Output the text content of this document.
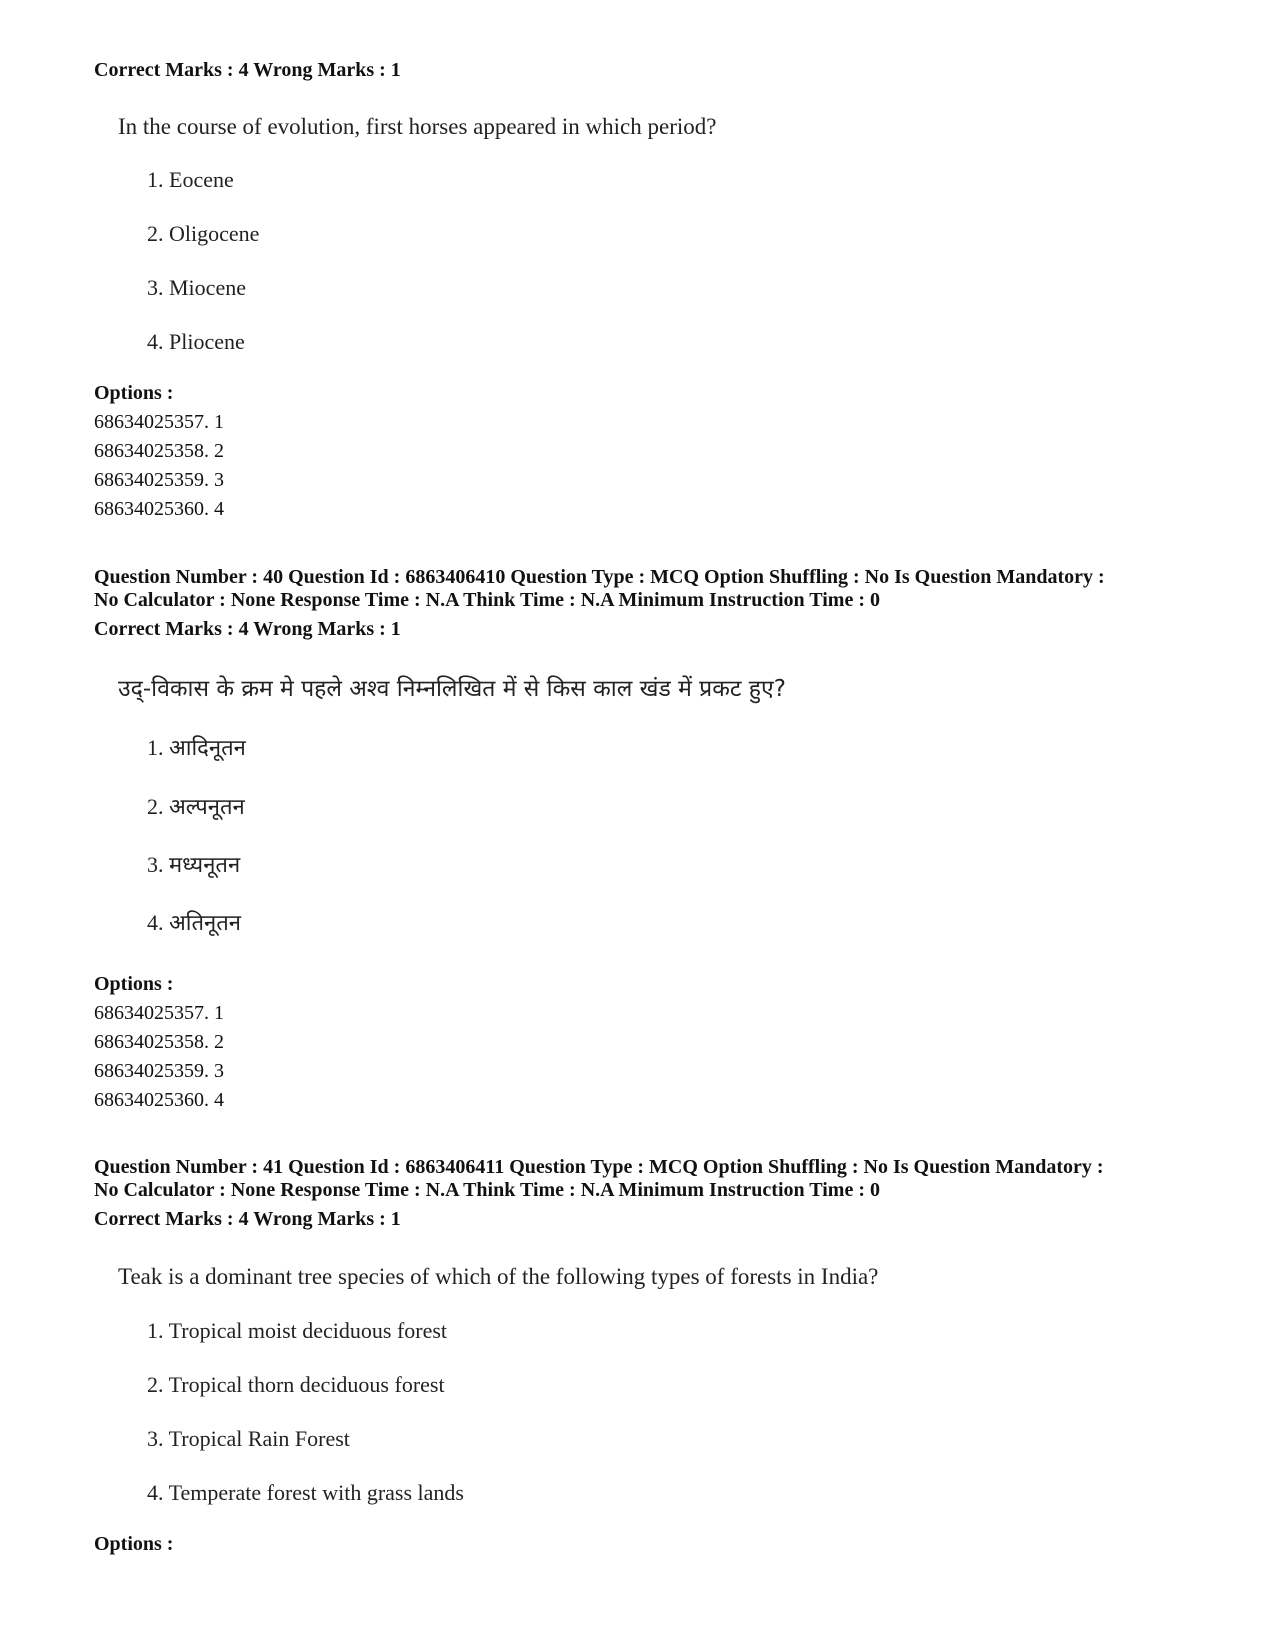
Correct Marks : 4 Wrong Marks : 1
In the course of evolution, first horses appeared in which period?
1. Eocene
2. Oligocene
3. Miocene
4. Pliocene
Options :
68634025357. 1
68634025358. 2
68634025359. 3
68634025360. 4
Question Number : 40 Question Id : 6863406410 Question Type : MCQ Option Shuffling : No Is Question Mandatory :
No Calculator : None Response Time : N.A Think Time : N.A Minimum Instruction Time : 0
Correct Marks : 4 Wrong Marks : 1
उद्-विकास के क्रम मे पहले अश्व निम्नलिखित में से किस काल खंड में प्रकट हुए?
1. आदिनूतन
2. अल्पनूतन
3. मध्यनूतन
4. अतिनूतन
Options :
68634025357. 1
68634025358. 2
68634025359. 3
68634025360. 4
Question Number : 41 Question Id : 6863406411 Question Type : MCQ Option Shuffling : No Is Question Mandatory :
No Calculator : None Response Time : N.A Think Time : N.A Minimum Instruction Time : 0
Correct Marks : 4 Wrong Marks : 1
Teak is a dominant tree species of which of the following types of forests in India?
1. Tropical moist deciduous forest
2. Tropical thorn deciduous forest
3. Tropical Rain Forest
4. Temperate forest with grass lands
Options :
